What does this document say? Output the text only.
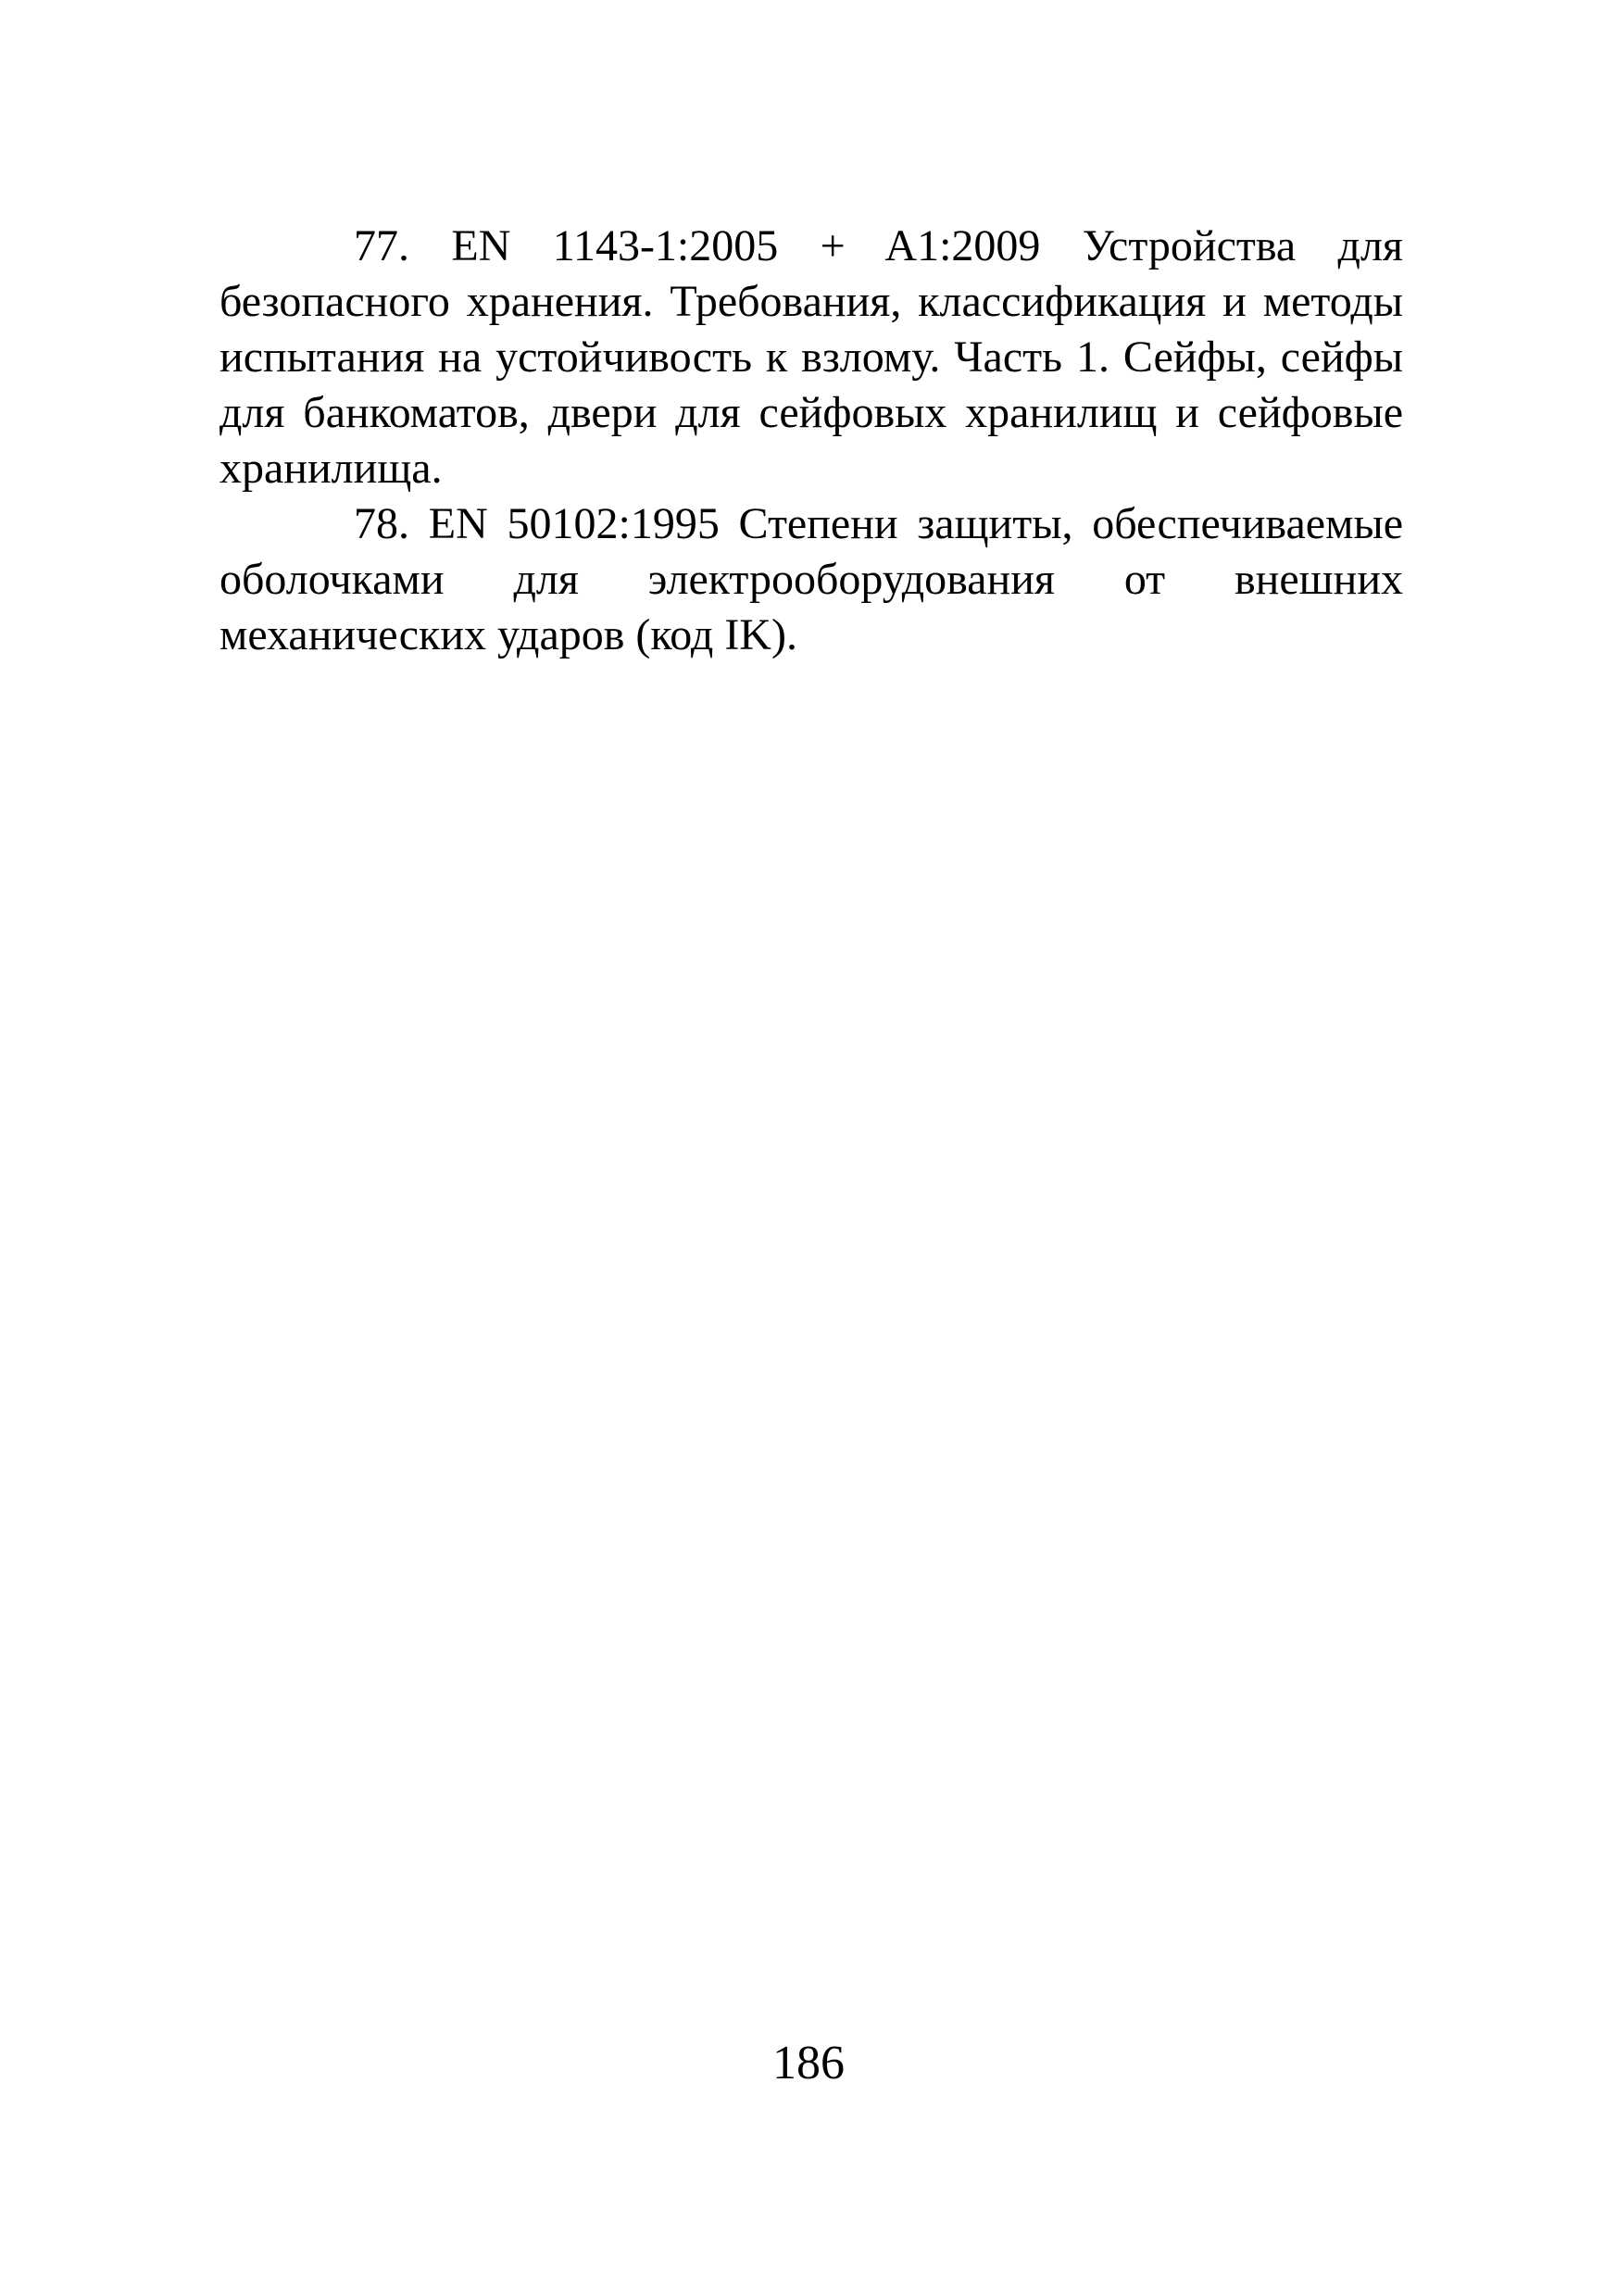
77. EN 1143-1:2005 + A1:2009 Устройства для безопасного хранения. Требования, классификация и методы испытания на устойчивость к взлому. Часть 1. Сейфы, сейфы для банкоматов, двери для сейфовых хранилищ и сейфовые хранилища.

78. EN 50102:1995 Степени защиты, обеспечиваемые оболочками для электрооборудования от внешних механических ударов (код IK).

186
